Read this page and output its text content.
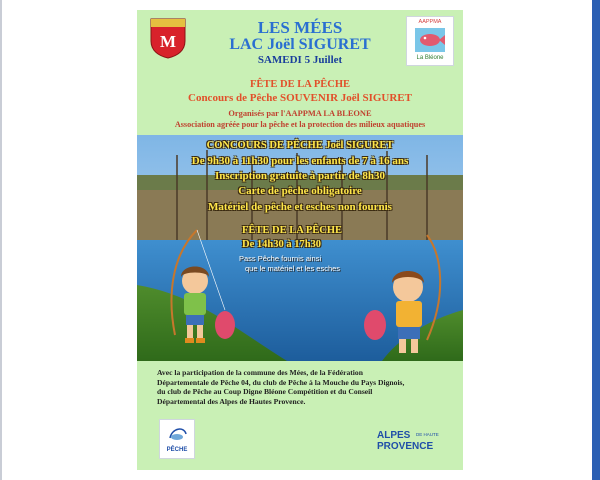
M
AAPPMA
La Bléone
LES MÉES
LAC Joël SIGURET
SAMEDI 5 Juillet
FÊTE DE LA PÊCHE
Concours de Pêche SOUVENIR Joël SIGURET
Organisés par l'AAPPMA LA BLEONE
Association agréée pour la pêche et la protection des milieux aquatiques
CONCOURS DE PÊCHE Joël SIGURET
De 9h30 à 11h30 pour les enfants de 7 à 16 ans
Inscription gratuite à partir de 8h30
Carte de pêche obligatoire
Matériel de pêche et esches non fournis
FÊTE DE LA PÊCHE
De 14h30 à 17h30
Pass Pêche fournis ainsi
que le matériel et les esches
Avec la participation de la commune des Mées, de la Fédération
Départementale de Pêche 04, du club de Pêche à la Mouche du Pays Dignois,
du club de Pêche au Coup Digne Bléone Compétition et du Conseil
Départemental des Alpes de Hautes Provence.
PÊCHE
ALPES DE HAUTE
PROVENCE
